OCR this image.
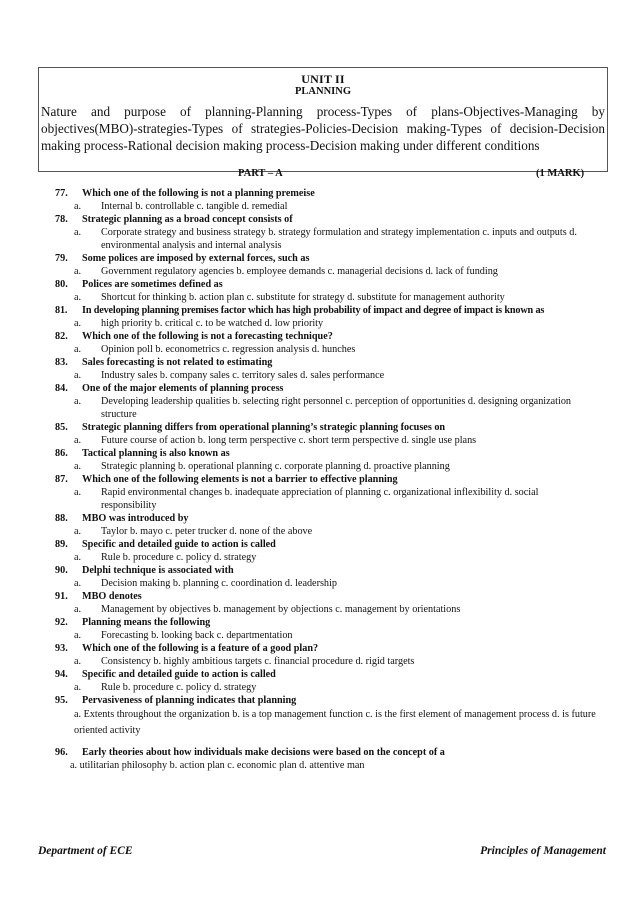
UNIT II
PLANNING
Nature and purpose of planning-Planning process-Types of plans-Objectives-Managing by objectives(MBO)-strategies-Types of strategies-Policies-Decision making-Types of decision-Decision making process-Rational decision making process-Decision making under different conditions
PART – A	(1 MARK)
77. Which one of the following is not a planning premeise
a. Internal b. controllable c. tangible d. remedial
78. Strategic planning as a broad concept consists of
a. Corporate strategy and business strategy b. strategy formulation and strategy implementation c. inputs and outputs d. environmental analysis and internal analysis
79. Some polices are imposed by external forces, such as
a. Government regulatory agencies b. employee demands c. managerial decisions d. lack of funding
80. Polices are sometimes defined as
a. Shortcut for thinking b. action plan c. substitute for strategy d. substitute for management authority
81. In developing planning premises factor which has high probability of impact and degree of impact is known as
a. high priority b. critical c. to be watched d. low priority
82. Which one of the following is not a forecasting technique?
a. Opinion poll b. econometrics c. regression analysis d. hunches
83. Sales forecasting is not related to estimating
a. Industry sales b. company sales c. territory sales d. sales performance
84. One of the major elements of planning process
a. Developing leadership qualities b. selecting right personnel c. perception of opportunities d. designing organization structure
85. Strategic planning differs from operational planning’s strategic planning focuses on
a. Future course of action b. long term perspective c. short term perspective d. single use plans
86. Tactical planning is also known as
a. Strategic planning b. operational planning c. corporate planning d. proactive planning
87. Which one of the following elements is not a barrier to effective planning
a. Rapid environmental changes b. inadequate appreciation of planning c. organizational inflexibility d. social responsibility
88. MBO was introduced by
a. Taylor b. mayo c. peter trucker d. none of the above
89. Specific and detailed guide to action is called
a. Rule b. procedure c. policy d. strategy
90. Delphi technique is associated with
a. Decision making b. planning c. coordination d. leadership
91. MBO denotes
a. Management by objectives b. management by objections c. management by orientations
92. Planning means the following
a. Forecasting b. looking back c. departmentation
93. Which one of the following is a feature of a good plan?
a. Consistency b. highly ambitious targets c. financial procedure d. rigid targets
94. Specific and detailed guide to action is called
a. Rule b. procedure c. policy d. strategy
95. Pervasiveness of planning indicates that planning
a. Extents throughout the organization b. is a top management function c. is the first element of management process d. is future oriented activity
96. Early theories about how individuals make decisions were based on the concept of a
a. utilitarian philosophy b. action plan c. economic plan d. attentive man
Department of ECE	Principles of Management
